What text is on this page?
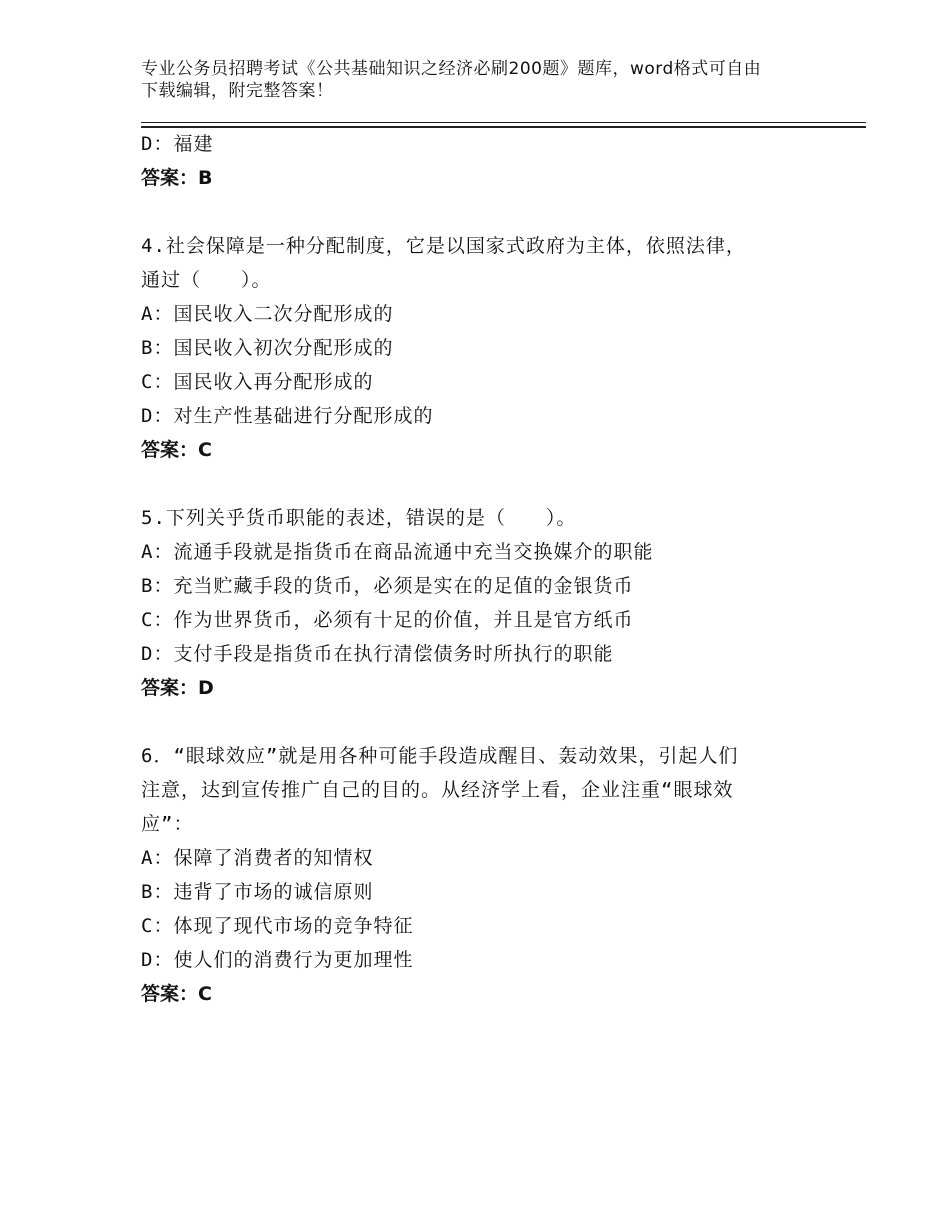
专业公务员招聘考试《公共基础知识之经济必刷200题》题库，word格式可自由
下载编辑，附完整答案！
D：福建
答案：B
4.社会保障是一种分配制度，它是以国家式政府为主体，依照法律，
通过（　　）。
A：国民收入二次分配形成的
B：国民收入初次分配形成的
C：国民收入再分配形成的
D：对生产性基础进行分配形成的
答案：C
5.下列关乎货币职能的表述，错误的是（　　）。
A：流通手段就是指货币在商品流通中充当交换媒介的职能
B：充当贮藏手段的货币，必须是实在的足值的金银货币
C：作为世界货币，必须有十足的价值，并且是官方纸币
D：支付手段是指货币在执行清偿债务时所执行的职能
答案：D
6．“眼球效应”就是用各种可能手段造成醒目、轰动效果，引起人们
注意，达到宣传推广自己的目的。从经济学上看，企业注重“眼球效
应”：
A：保障了消费者的知情权
B：违背了市场的诚信原则
C：体现了现代市场的竞争特征
D：使人们的消费行为更加理性
答案：C
